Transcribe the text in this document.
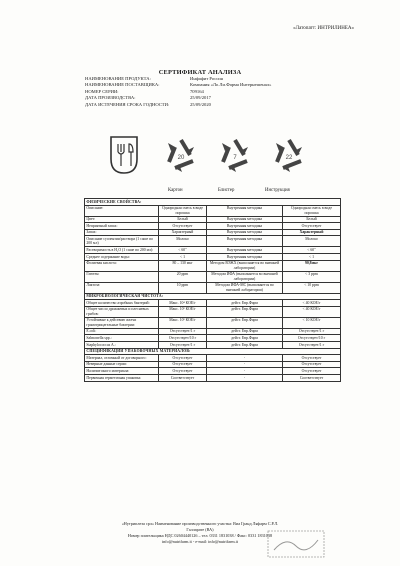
«Латопатт: ИНТРИЛИНЕА»
СЕРТИФИКАТ АНАЛИЗА
НАИМЕНОВАНИЕ ПРОДУКТА:	Инфафит Россия
НАИМЕНОВАНИЕ ПОСТАВЩИКА:	Компания «Ло.Ли.Фарма Интернешенал»
НОМЕР СЕРИИ:	709164
ДАТА ПРОИЗВОДСТВА:	25/09/2017
ДАТА ИСТЕЧЕНИЯ СРОКА ГОДНОСТИ:	25/09/2020
20	7	22
Картон	Блистер	Инструкция
ФИЗИЧЕСКИЕ СВОЙСТВА:			
Описание:	Однородная смесь в виде порошка	Внутренняя методика	Однородная смесь в виде порошка
Цвет:	Белый	Внутренняя методика	Белый
Неприятный запах:	Отсутствует	Внутренняя методика	Отсутствует
Запах:	Характерный	Внутренняя методика	Характерный
Описание суспензии/раствора (1 саше по 200 мл)	Молоко	Внутренняя методика	Молоко
Растворимость в H₂O (1 саше по 200 мл):	< 60″	Внутренняя методика	< 60″
Среднее содержание воды:	< 1	Внутренняя методика	< 1
Фолиевая кислота:	80 – 130 мкг	Методом ВЭЖХ (выполняется во внешней лаборатории)	90,8мкг
Глютен:	20 ppm	Методом ИФА (выполняется во внешней лаборатории)	< 3 ppm
Лактоза:	10 ppm	Методом ИФА-МС (выполняется во внешней лаборатории)	< 10 ppm
МИКРОБИОЛОГИЧЕСКАЯ ЧИСТОТА:			
Общее количество аэробных бактерий:	Макс. 10⁴ КОЕ/г	дейст. Евр.Фарм	< 40 КОЕ/г
Общее число дрожжевых и плесневых грибов:	Макс. 10² КОЕ/г	дейст. Евр.Фарм	< 40 КОЕ/г
Устойчивые к действию желчи грамотрицательные бактерии:	Макс. 10² КОЕ/г	дейст. Евр.Фарм	< 10 КОЕ/г
E.coli:	Отсутствует/1 г	дейст. Евр.Фарм	Отсутствует/1 г
Salmonella spp.:	Отсутствует/10 г	дейст. Евр.Фарм	Отсутствует/10 г
Staphylococcus A.:	Отсутствует/1 г	дейст. Евр.Фарм	Отсутствует/1 г
СПЕЦИФИКАЦИИ УПАКОВОЧНЫХ МАТЕРИАЛОВ:			
Материал, отличный от договорного:	Отсутствует	-	Отсутствует
Неверные данные серии:	Отсутствует	-	Отсутствует
Наличие иного материала:	Отсутствует	-	Отсутствует
Первичная герметичная упаковка	Соответствует	-	Соответствует
«Нутриплеза срл» Наименование производственного участка: Виа Гранд Ляфарм С.Р.Л.
Галларате (ВА)
Номер плательщика НДС 02604440126 – тел. 0331 1831038 / Факс: 0331 1831038
info@nutrifarm.it - e-mail: info@nutrifarm.it
